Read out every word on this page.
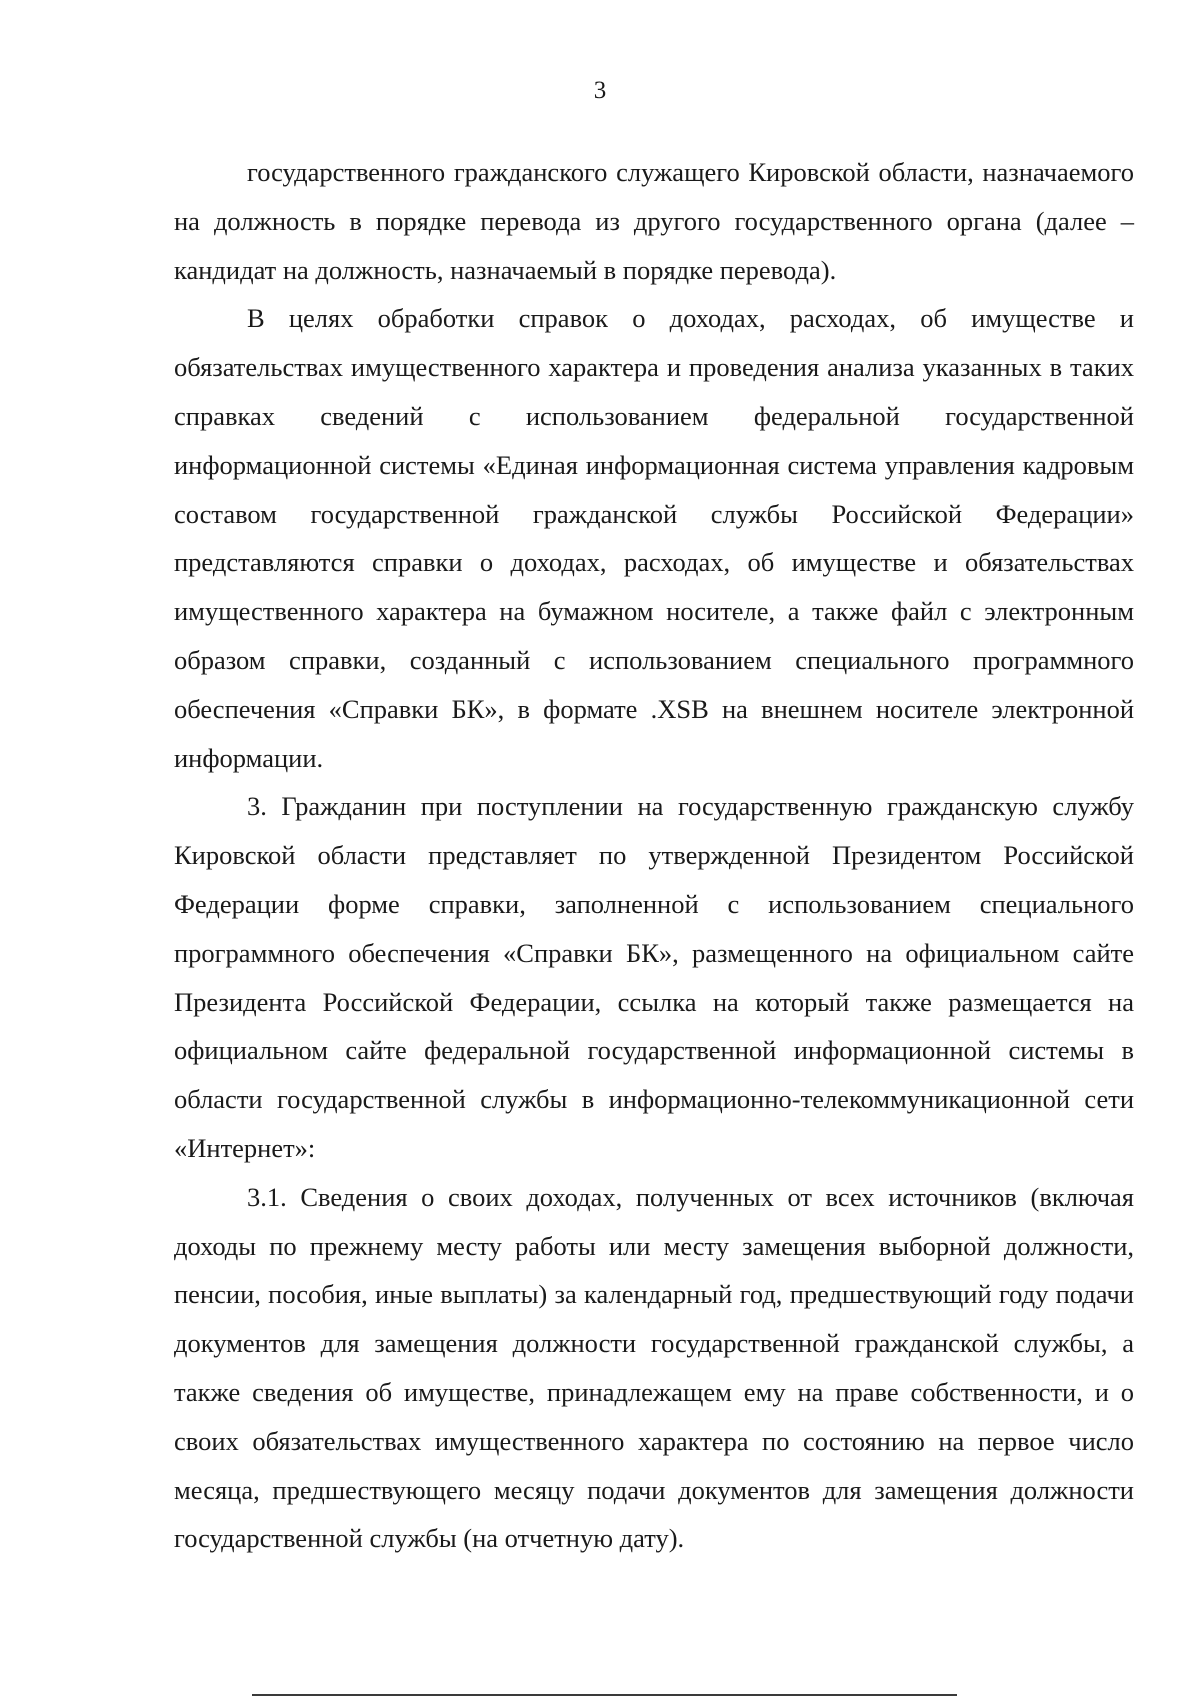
3

государственного гражданского служащего Кировской области, назначаемого на должность в порядке перевода из другого государственного органа (далее – кандидат на должность, назначаемый в порядке перевода).

В целях обработки справок о доходах, расходах, об имуществе и обязательствах имущественного характера и проведения анализа указанных в таких справках сведений с использованием федеральной государственной информационной системы «Единая информационная система управления кадровым составом государственной гражданской службы Российской Федерации» представляются справки о доходах, расходах, об имуществе и обязательствах имущественного характера на бумажном носителе, а также файл с электронным образом справки, созданный с использованием специального программного обеспечения «Справки БК», в формате .XSB на внешнем носителе электронной информации.

3. Гражданин при поступлении на государственную гражданскую службу Кировской области представляет по утвержденной Президентом Российской Федерации форме справки, заполненной с использованием специального программного обеспечения «Справки БК», размещенного на официальном сайте Президента Российской Федерации, ссылка на который также размещается на официальном сайте федеральной государственной информационной системы в области государственной службы в информационно-телекоммуникационной сети «Интернет»:

3.1. Сведения о своих доходах, полученных от всех источников (включая доходы по прежнему месту работы или месту замещения выборной должности, пенсии, пособия, иные выплаты) за календарный год, предшествующий году подачи документов для замещения должности государственной гражданской службы, а также сведения об имуществе, принадлежащем ему на праве собственности, и о своих обязательствах имущественного характера по состоянию на первое число месяца, предшествующего месяцу подачи документов для замещения должности государственной службы (на отчетную дату).
